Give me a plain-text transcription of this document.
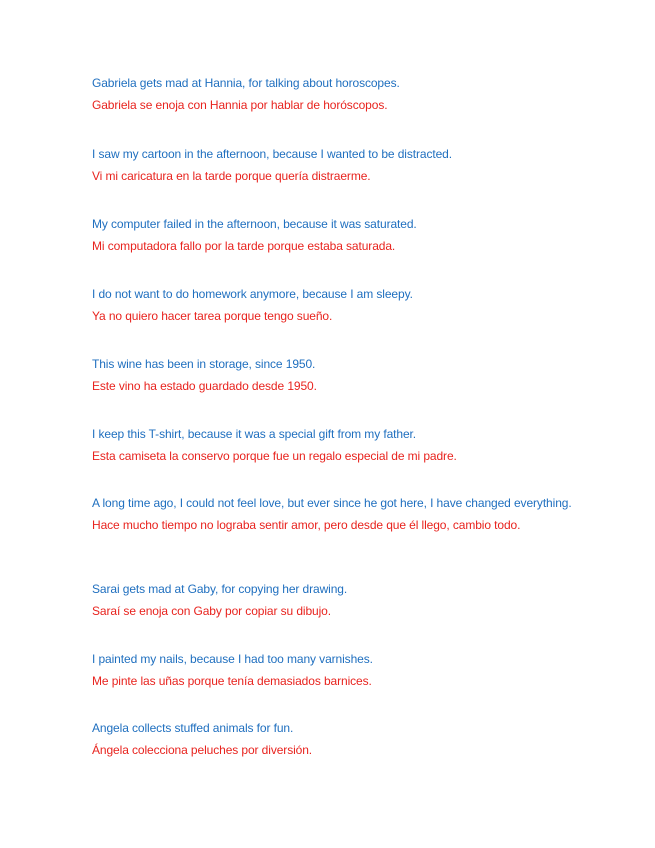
Gabriela gets mad at Hannia, for talking about horoscopes.

Gabriela se enoja con Hannia por hablar de horóscopos.

I saw my cartoon in the afternoon, because I wanted to be distracted.

Vi mi caricatura en la tarde porque quería distraerme.

My computer failed in the afternoon, because it was saturated.

Mi computadora fallo por la tarde porque estaba saturada.

I do not want to do homework anymore, because I am sleepy.

Ya no quiero hacer tarea porque tengo sueño.

This wine has been in storage, since 1950.

Este vino ha estado guardado desde 1950.

I keep this T-shirt, because it was a special gift from my father.

Esta camiseta la conservo porque fue un regalo especial de mi padre.

A long time ago, I could not feel love, but ever since he got here, I have changed everything.

Hace mucho tiempo no lograba sentir amor, pero desde que él llego, cambio todo.

Sarai gets mad at Gaby, for copying her drawing.

Saraí se enoja con Gaby por copiar su dibujo.

I painted my nails, because I had too many varnishes.

Me pinte las uñas porque tenía demasiados barnices.

Angela collects stuffed animals for fun.

Ángela colecciona peluches por diversión.
